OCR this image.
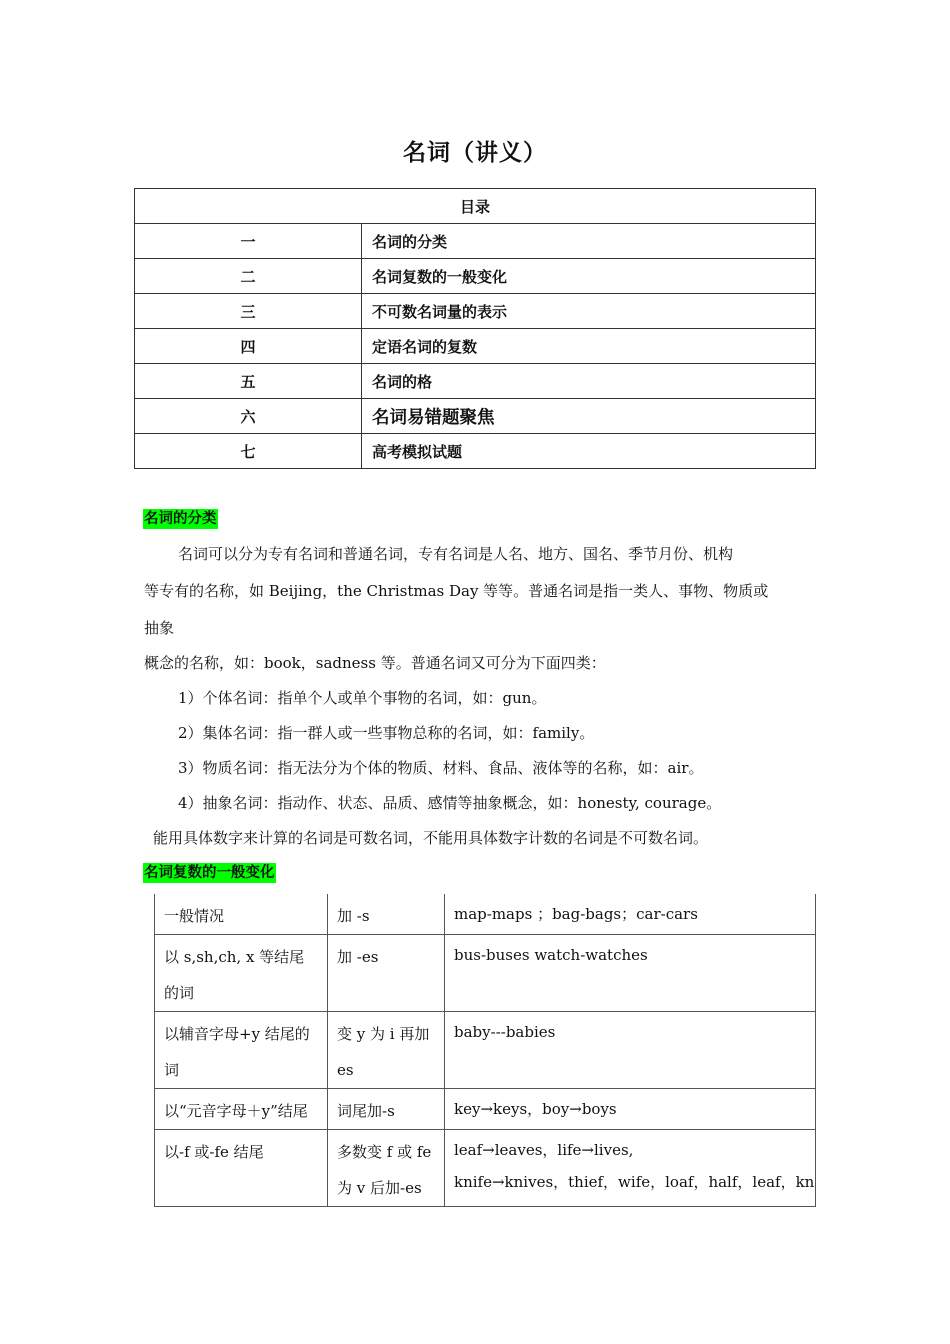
名词（讲义）
目录	
一	名词的分类
二	名词复数的一般变化
三	不可数名词量的表示
四	定语名词的复数
五	名词的格
六	名词易错题聚焦
七	高考模拟试题
名词的分类
名词可以分为专有名词和普通名词，专有名词是人名、地方、国名、季节月份、机构
等专有的名称，如 Beijing，the Christmas Day 等等。普通名词是指一类人、事物、物质或
抽象
概念的名称，如：book，sadness 等。普通名词又可分为下面四类：
1）个体名词：指单个人或单个事物的名词，如：gun。
2）集体名词：指一群人或一些事物总称的名词，如：family。
3）物质名词：指无法分为个体的物质、材料、食品、液体等的名称，如：air。
4）抽象名词：指动作、状态、品质、感情等抽象概念，如：honesty, courage。
能用具体数字来计算的名词是可数名词，不能用具体数字计数的名词是不可数名词。
名词复数的一般变化
一般情况	加 -s	map-maps ；bag-bags；car-cars

以 s,sh,ch, x 等结尾的词	加 -es	bus-buses watch-watches

以辅音字母+y 结尾的词	变 y 为 i 再加 es	baby---babies

以“元音字母＋y”结尾	词尾加-s	key→keys，boy→boys

以-f 或-fe 结尾	多数变 f 或 fe 为 v 后加-es	leaf→leaves，life→lives,
knife→knives，thief，wife，loaf，half，leaf，kn
